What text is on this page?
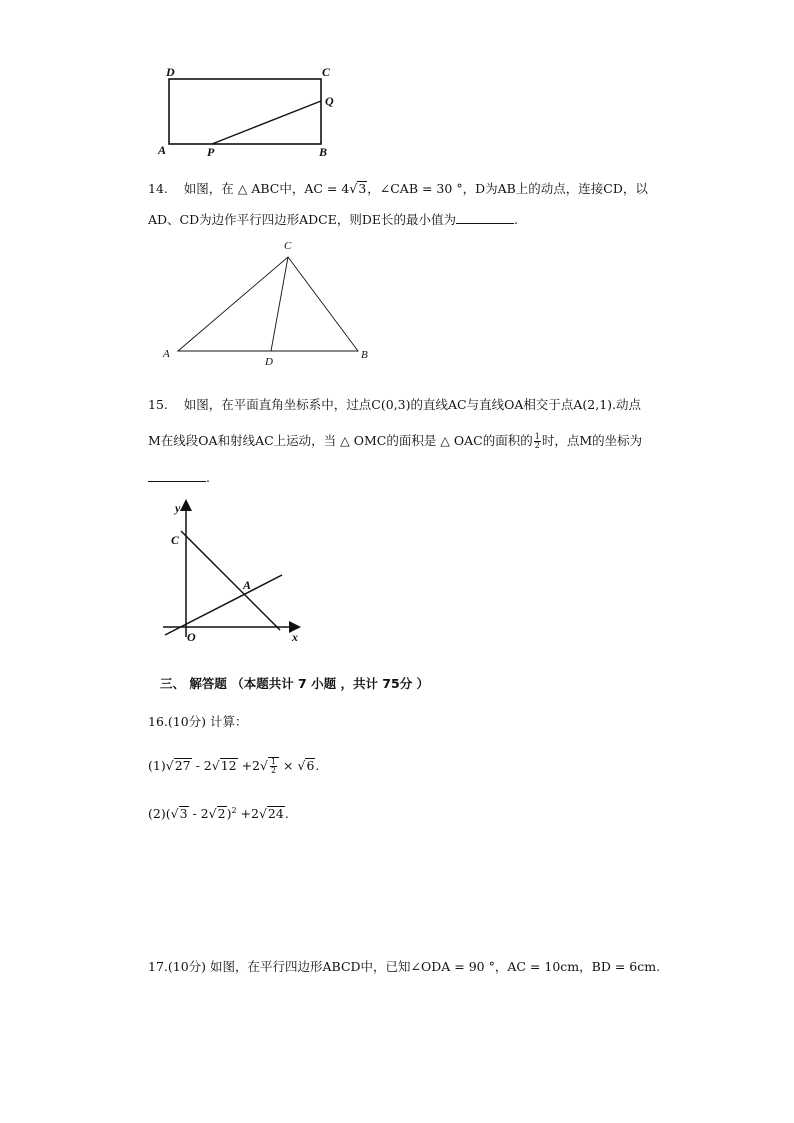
D	C
Q
A	P	B
14. 如图，在 △ ABC中，AC = 4√3，∠CAB = 30 °，D为AB上的动点，连接CD，以
AD、CD为边作平行四边形ADCE，则DE长的最小值为	.
C
A
D
B
15. 如图，在平面直角坐标系中，过点C(0,3)的直线AC与直线OA相交于点A(2,1).动点
M在线段OA和射线AC上运动，当 △ OMC的面积是 △ OAC的面积的 $\frac{1}{2}$ 时，点M的坐标为
.
y
C
A
O	x
三、 解答题 （本题共计 7 小题 ，共计 75分 ）
16.(10分) 计算：
$(1)√27 - 2√12 +2√ \frac{1}{2} \times √6$.
(2)(√3 - 2√2)$^2$ +2√24.
17.(10分) 如图，在平行四边形ABCD中，已知∠ODA = 90 °，AC = 10cm，BD = 6cm.
